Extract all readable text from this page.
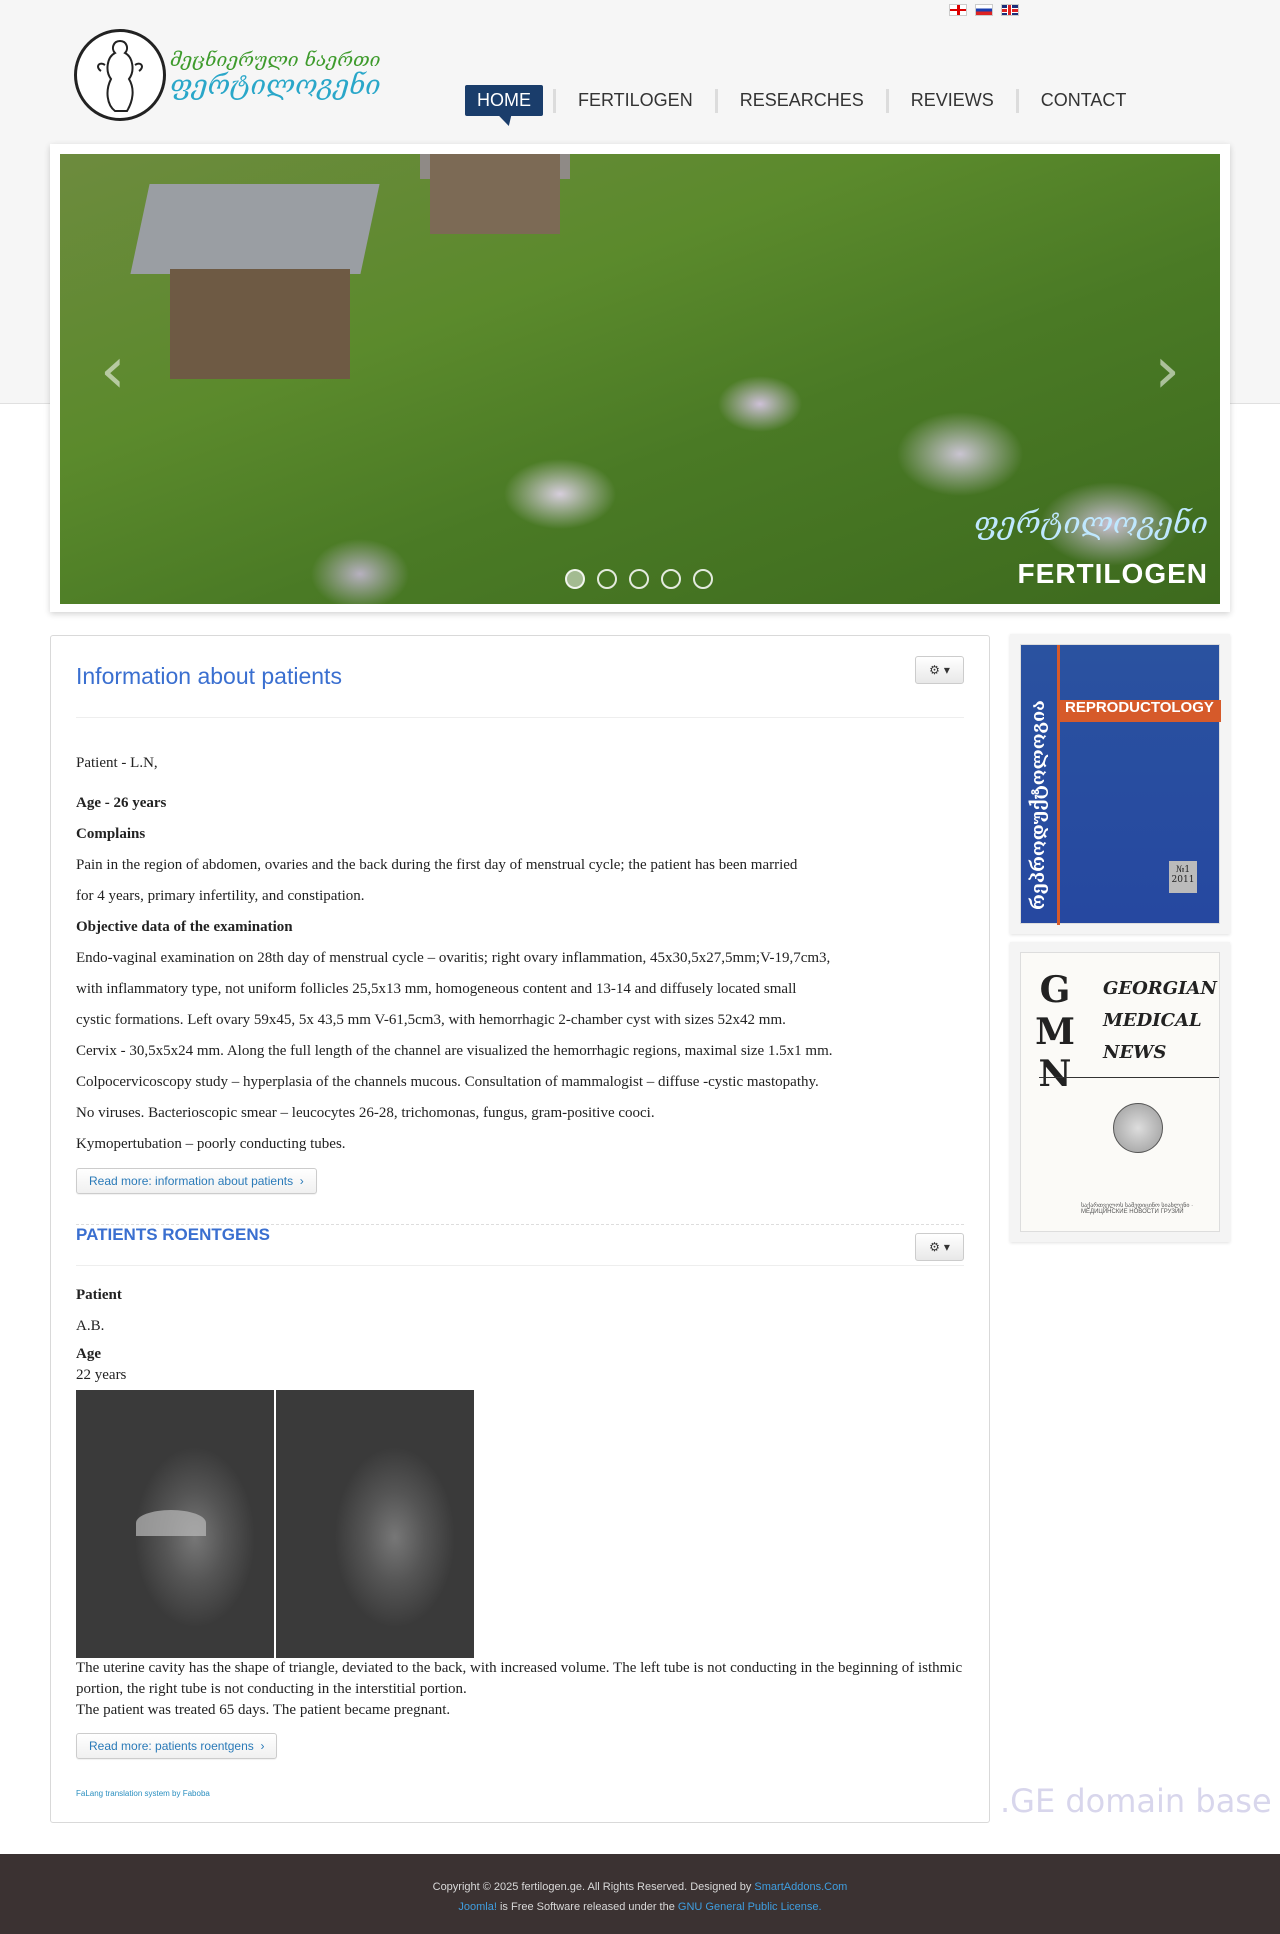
მეცნიერული ნაერთი
ფერტილოგენი	HOME	FERTILOGEN	RESEARCHES	REVIEWS	CONTACT
‹	›
ფერტილოგენი
FERTILOGEN
Information about patients	⚙ ▾

Patient - L.N,

Age - 26 years

Complains

Pain in the region of abdomen, ovaries and the back during the first day of menstrual cycle; the patient has been married

for 4 years, primary infertility, and constipation.

Objective data of the examination

Endo-vaginal examination on 28th day of menstrual cycle – ovaritis; right ovary inflammation, 45x30,5x27,5mm;V-19,7cm3,

with inflammatory type, not uniform follicles 25,5x13 mm, homogeneous content and 13-14 and diffusely located small

cystic formations. Left ovary 59x45, 5x 43,5 mm V-61,5cm3, with hemorrhagic 2-chamber cyst with sizes 52x42 mm.

Cervix - 30,5x5x24 mm. Along the full length of the channel are visualized the hemorrhagic regions, maximal size 1.5x1 mm.

Colpocervicoscopy study – hyperplasia of the channels mucous. Consultation of mammalogist – diffuse -cystic mastopathy.

No viruses. Bacterioscopic smear – leucocytes 26-28, trichomonas, fungus, gram-positive cooci.

Kymopertubation – poorly conducting tubes.

Read more: information about patients  ›
PATIENTS ROENTGENS
⚙ ▾

Patient

A.B.

Age

22 years

The uterine cavity has the shape of triangle, deviated to the back, with increased volume. The left tube is not conducting in the beginning of isthmic portion, the right tube is not conducting in the interstitial portion.

The patient was treated 65 days. The patient became pregnant.

Read more: patients roentgens  ›
FaLang translation system by Faboba
REPRODUCTOLOGY
რეპროდუქტოლოგია	№1 2011
GMN GEORGIAN
MEDICAL
NEWS
საქართველოს სამედიცინო სიახლენი · МЕДИЦИНСКИЕ НОВОСТИ ГРУЗИИ
.GE domain base
Copyright © 2025 fertilogen.ge. All Rights Reserved. Designed by SmartAddons.Com
Joomla! is Free Software released under the GNU General Public License.
